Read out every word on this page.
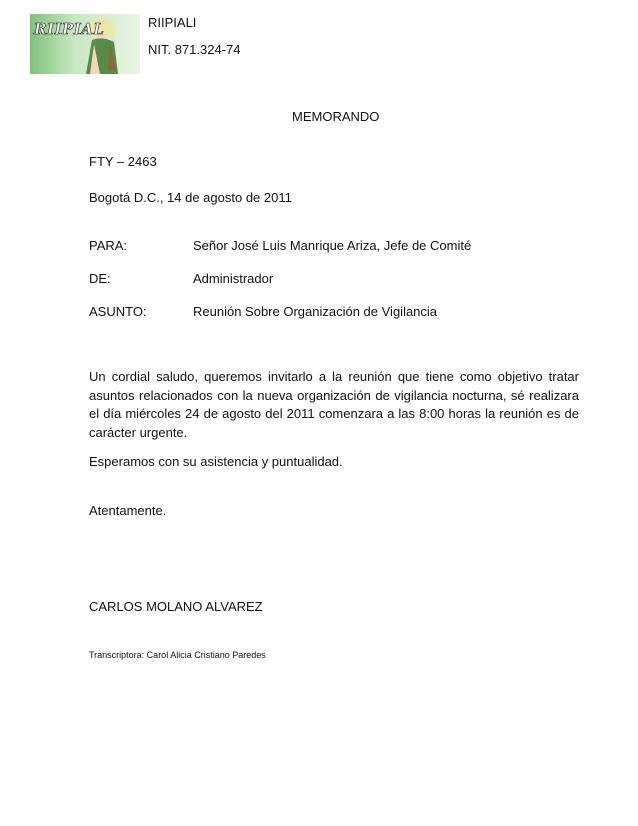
RIIPIAL	RIIPIALI
NIT. 871.324-74
MEMORANDO
FTY – 2463
Bogotá D.C., 14 de agosto de 2011
PARA:	Señor José Luis Manrique Ariza, Jefe de Comité
DE:	Administrador
ASUNTO:	Reunión Sobre Organización de Vigilancia
Un cordial saludo, queremos invitarlo a la reunión que tiene como objetivo tratar asuntos relacionados con la nueva organización de vigilancia nocturna, sé realizara el día miércoles 24 de agosto del 2011 comenzara a las 8:00 horas la reunión es de carácter urgente.
Esperamos con su asistencia y puntualidad.
Atentamente.
CARLOS MOLANO ALVAREZ
Transcriptora: Carol Alicia Cristiano Paredes
